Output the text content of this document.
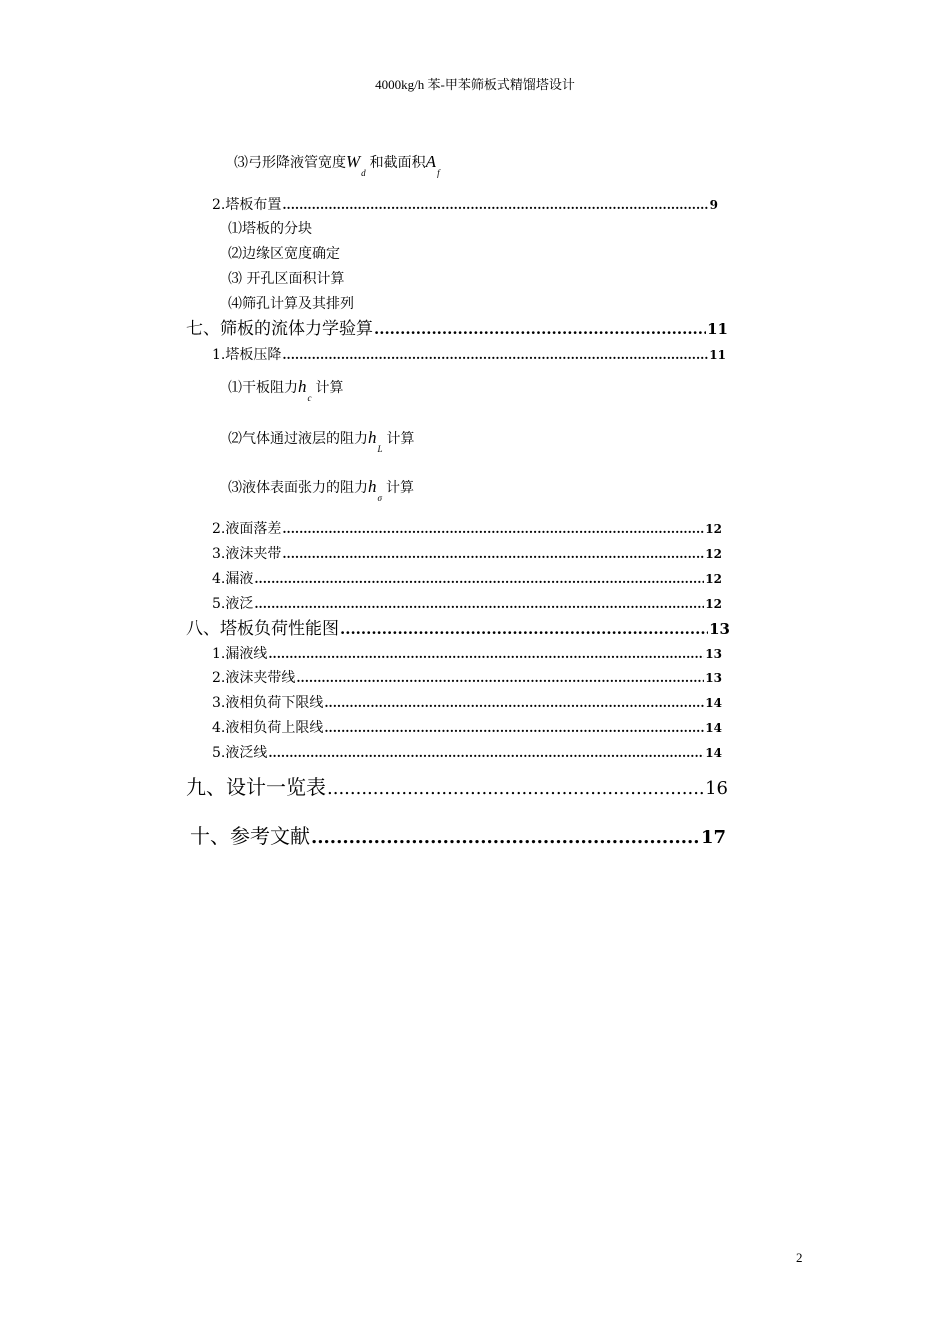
4000kg/h 苯-甲苯筛板式精馏塔设计
⑶弓形降液管宽度$W_d$和截面积$A_f$
2.塔板布置 .....	9
⑴塔板的分块
⑵边缘区宽度确定
⑶ 开孔区面积计算
⑷筛孔计算及其排列
七、筛板的流体力学验算 .....	11
1.塔板压降 .....	11
⑴干板阻力$h_c$计算
⑵气体通过液层的阻力$h_L$计算
⑶液体表面张力的阻力$h_\sigma$计算
2.液面落差 .....	12
3.液沫夹带 .....	12
4.漏液 .....	12
5.液泛 .....	12
八、塔板负荷性能图 .....	13
1.漏液线 .....	13
2.液沫夹带线 .....	13
3.液相负荷下限线 .....	14
4.液相负荷上限线 .....	14
5.液泛线 .....	14
九、设计一览表 .....	16
十、参考文献 .....	17
2
